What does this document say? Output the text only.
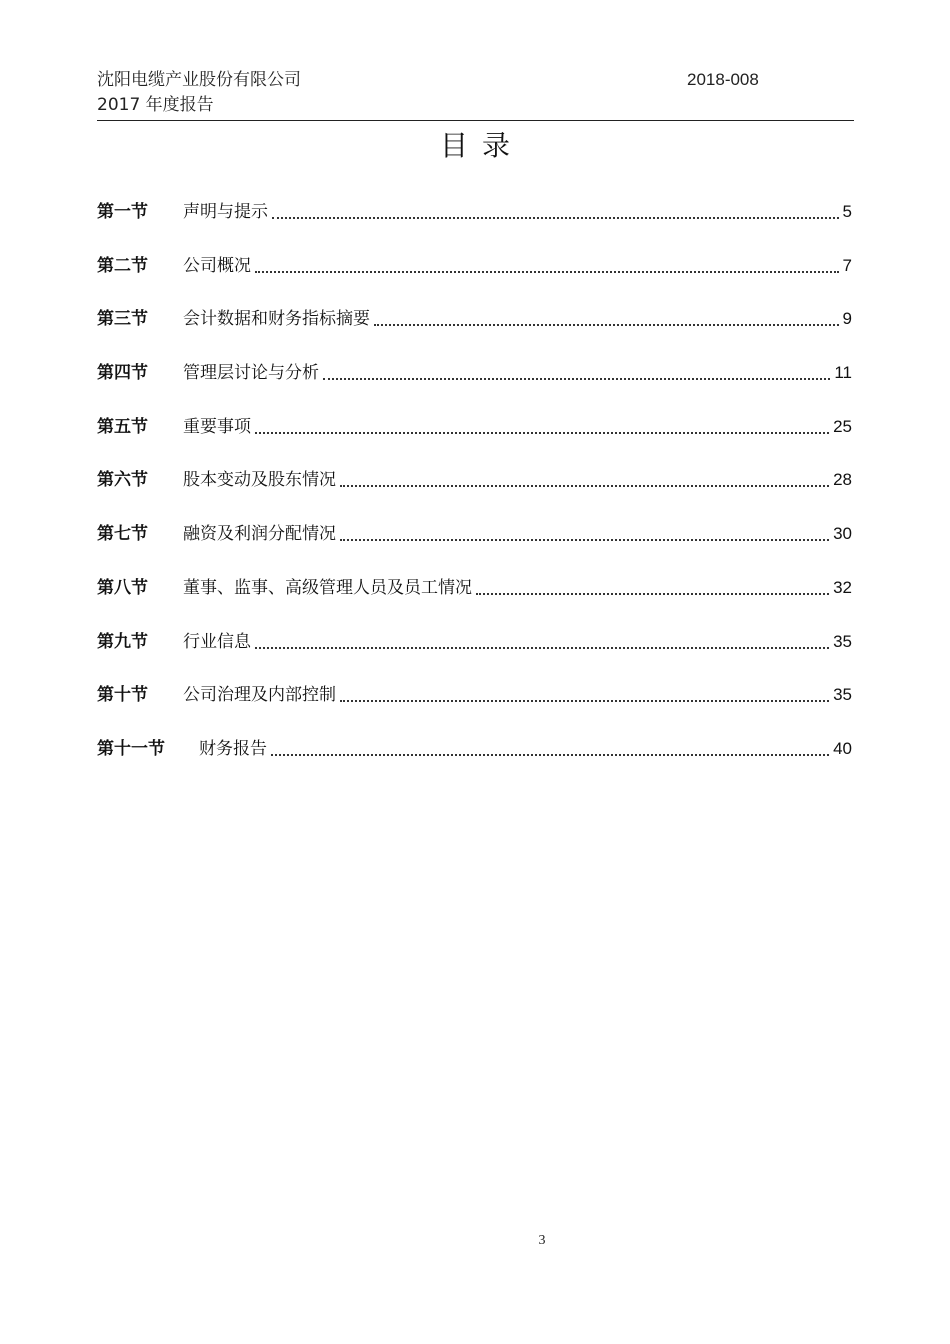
沈阳电缆产业股份有限公司
2017 年度报告
2018-008
目录
第一节	声明与提示	5
第二节	公司概况	7
第三节	会计数据和财务指标摘要	9
第四节	管理层讨论与分析	11
第五节	重要事项	25
第六节	股本变动及股东情况	28
第七节	融资及利润分配情况	30
第八节	董事、监事、高级管理人员及员工情况	32
第九节	行业信息	35
第十节	公司治理及内部控制	35
第十一节	财务报告	40
3
